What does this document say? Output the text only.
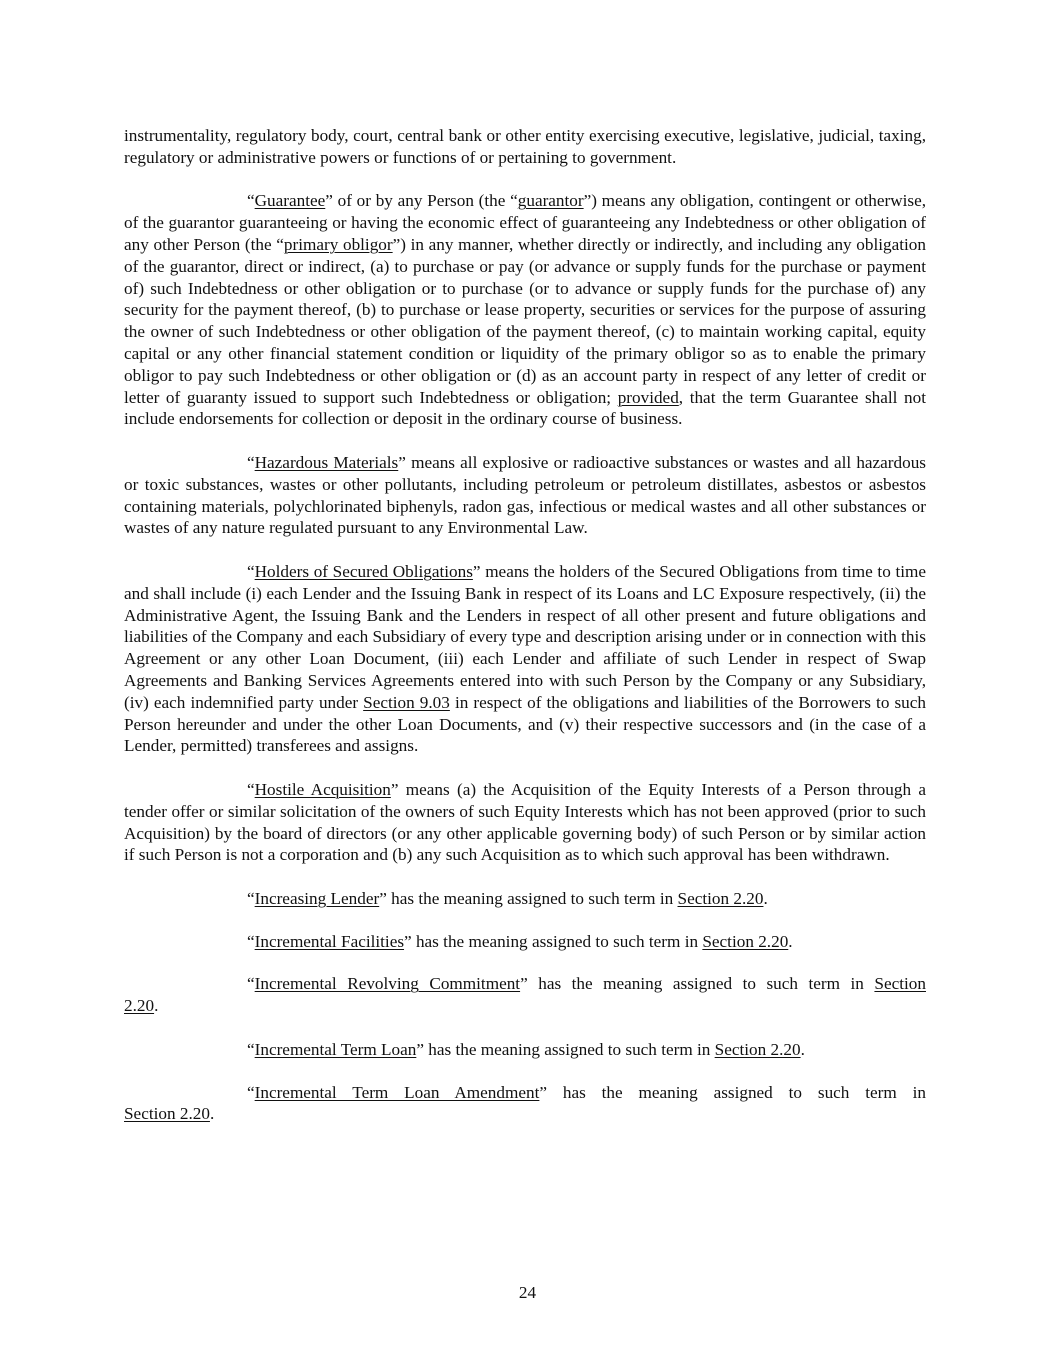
instrumentality, regulatory body, court, central bank or other entity exercising executive, legislative, judicial, taxing, regulatory or administrative powers or functions of or pertaining to government.

“Guarantee” of or by any Person (the “guarantor”) means any obligation, contingent or otherwise, of the guarantor guaranteeing or having the economic effect of guaranteeing any Indebtedness or other obligation of any other Person (the “primary obligor”) in any manner, whether directly or indirectly, and including any obligation of the guarantor, direct or indirect, (a) to purchase or pay (or advance or supply funds for the purchase or payment of) such Indebtedness or other obligation or to purchase (or to advance or supply funds for the purchase of) any security for the payment thereof, (b) to purchase or lease property, securities or services for the purpose of assuring the owner of such Indebtedness or other obligation of the payment thereof, (c) to maintain working capital, equity capital or any other financial statement condition or liquidity of the primary obligor so as to enable the primary obligor to pay such Indebtedness or other obligation or (d) as an account party in respect of any letter of credit or letter of guaranty issued to support such Indebtedness or obligation; provided, that the term Guarantee shall not include endorsements for collection or deposit in the ordinary course of business.

“Hazardous Materials” means all explosive or radioactive substances or wastes and all hazardous or toxic substances, wastes or other pollutants, including petroleum or petroleum distillates, asbestos or asbestos containing materials, polychlorinated biphenyls, radon gas, infectious or medical wastes and all other substances or wastes of any nature regulated pursuant to any Environmental Law.

“Holders of Secured Obligations” means the holders of the Secured Obligations from time to time and shall include (i) each Lender and the Issuing Bank in respect of its Loans and LC Exposure respectively, (ii) the Administrative Agent, the Issuing Bank and the Lenders in respect of all other present and future obligations and liabilities of the Company and each Subsidiary of every type and description arising under or in connection with this Agreement or any other Loan Document, (iii) each Lender and affiliate of such Lender in respect of Swap Agreements and Banking Services Agreements entered into with such Person by the Company or any Subsidiary, (iv) each indemnified party under Section 9.03 in respect of the obligations and liabilities of the Borrowers to such Person hereunder and under the other Loan Documents, and (v) their respective successors and (in the case of a Lender, permitted) transferees and assigns.

“Hostile Acquisition” means (a) the Acquisition of the Equity Interests of a Person through a tender offer or similar solicitation of the owners of such Equity Interests which has not been approved (prior to such Acquisition) by the board of directors (or any other applicable governing body) of such Person or by similar action if such Person is not a corporation and (b) any such Acquisition as to which such approval has been withdrawn.

“Increasing Lender” has the meaning assigned to such term in Section 2.20.

“Incremental Facilities” has the meaning assigned to such term in Section 2.20.

“Incremental Revolving Commitment” has the meaning assigned to such term in Section

2.20.

“Incremental Term Loan” has the meaning assigned to such term in Section 2.20.

“Incremental Term Loan Amendment” has the meaning assigned to such term in

Section 2.20.

24
